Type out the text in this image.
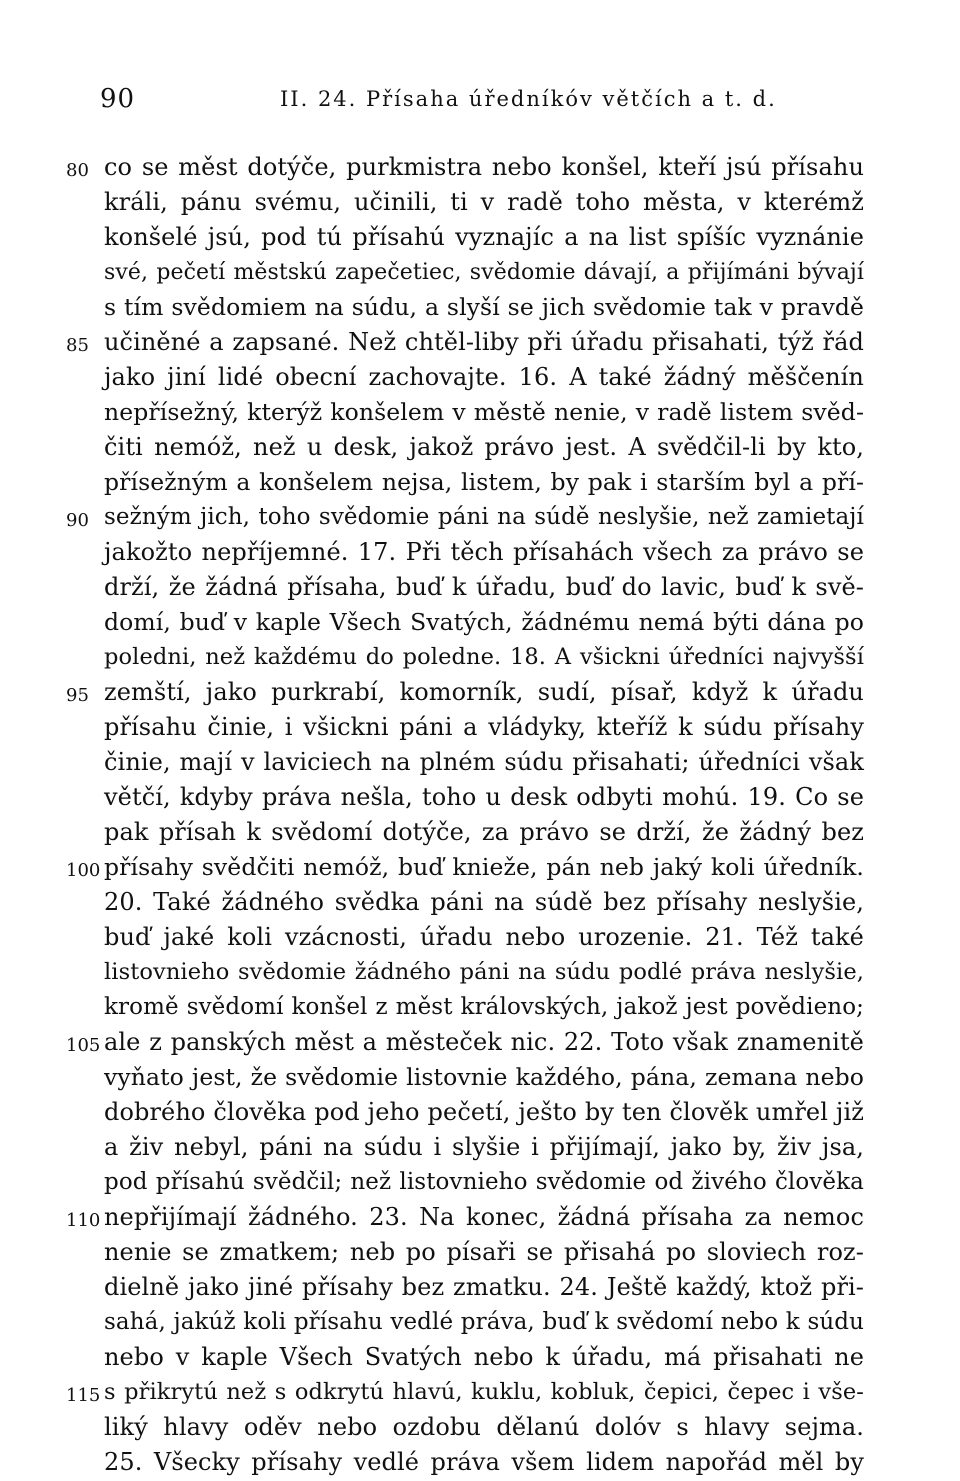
90	II. 24. Přísaha úředníkóv větčích a t. d.
80 co se měst dotýče, purkmistra nebo konšel, kteří jsú přísahu
králi, pánu svému, učinili, ti v radě toho města, v kterémž
konšelé jsú, pod tú přísahú vyznajíc a na list spíšíc vyznánie
své, pečetí městskú zapečetiec, svědomie dávají, a přijímáni bývají
s tím svědomiem na súdu, a slyší se jich svědomie tak v pravdě
85 učiněné a zapsané. Než chtěl-liby při úřadu přisahati, týž řád
jako jiní lidé obecní zachovajte. 16. A také žádný měščenín
nepřísežný, kterýž konšelem v městě nenie, v radě listem svěd-
čiti nemóž, než u desk, jakož právo jest. A svědčil-li by kto,
přísežným a konšelem nejsa, listem, by pak i starším byl a pří-
90 sežným jich, toho svědomie páni na súdě neslyšie, než zamietají
jakožto nepříjemné. 17. Při těch přísahách všech za právo se
drží, že žádná přísaha, buď k úřadu, buď do lavic, buď k svě-
domí, buď v kaple Všech Svatých, žádnému nemá býti dána po
poledni, než každému do poledne. 18. A všickni úředníci najvyšší
95 zemští, jako purkrabí, komorník, sudí, písař, když k úřadu
přísahu činie, i všickni páni a vládyky, kteříž k súdu přísahy
činie, mají v laviciech na plném súdu přisahati; úředníci však
větčí, kdyby práva nešla, toho u desk odbyti mohú. 19. Co se
pak přísah k svědomí dotýče, za právo se drží, že žádný bez
100 přísahy svědčiti nemóž, buď knieže, pán neb jaký koli úředník.
20. Také žádného svědka páni na súdě bez přísahy neslyšie,
buď jaké koli vzácnosti, úřadu nebo urozenie. 21. Též také
listovnieho svědomie žádného páni na súdu podlé práva neslyšie,
kromě svědomí konšel z měst královských, jakož jest povědieno;
105 ale z panských měst a městeček nic. 22. Toto však znamenitě
vyňato jest, že svědomie listovnie každého, pána, zemana nebo
dobrého člověka pod jeho pečetí, ješto by ten člověk umřel již
a živ nebyl, páni na súdu i slyšie i přijímají, jako by, živ jsa,
pod přísahú svědčil; než listovnieho svědomie od živého člověka
110 nepřijímají žádného. 23. Na konec, žádná přísaha za nemoc
nenie se zmatkem; neb po písaři se přisahá po sloviech roz-
dielně jako jiné přísahy bez zmatku. 24. Ještě každý, ktož při-
sahá, jakúž koli přísahu vedlé práva, buď k svědomí nebo k súdu
nebo v kaple Všech Svatých nebo k úřadu, má přisahati ne
115 s přikrytú než s odkrytú hlavú, kuklu, kobluk, čepici, čepec i vše-
liký hlavy oděv nebo ozdobu dělanú dolóv s hlavy sejma.
25. Všecky přísahy vedlé práva všem lidem napořád měl by
